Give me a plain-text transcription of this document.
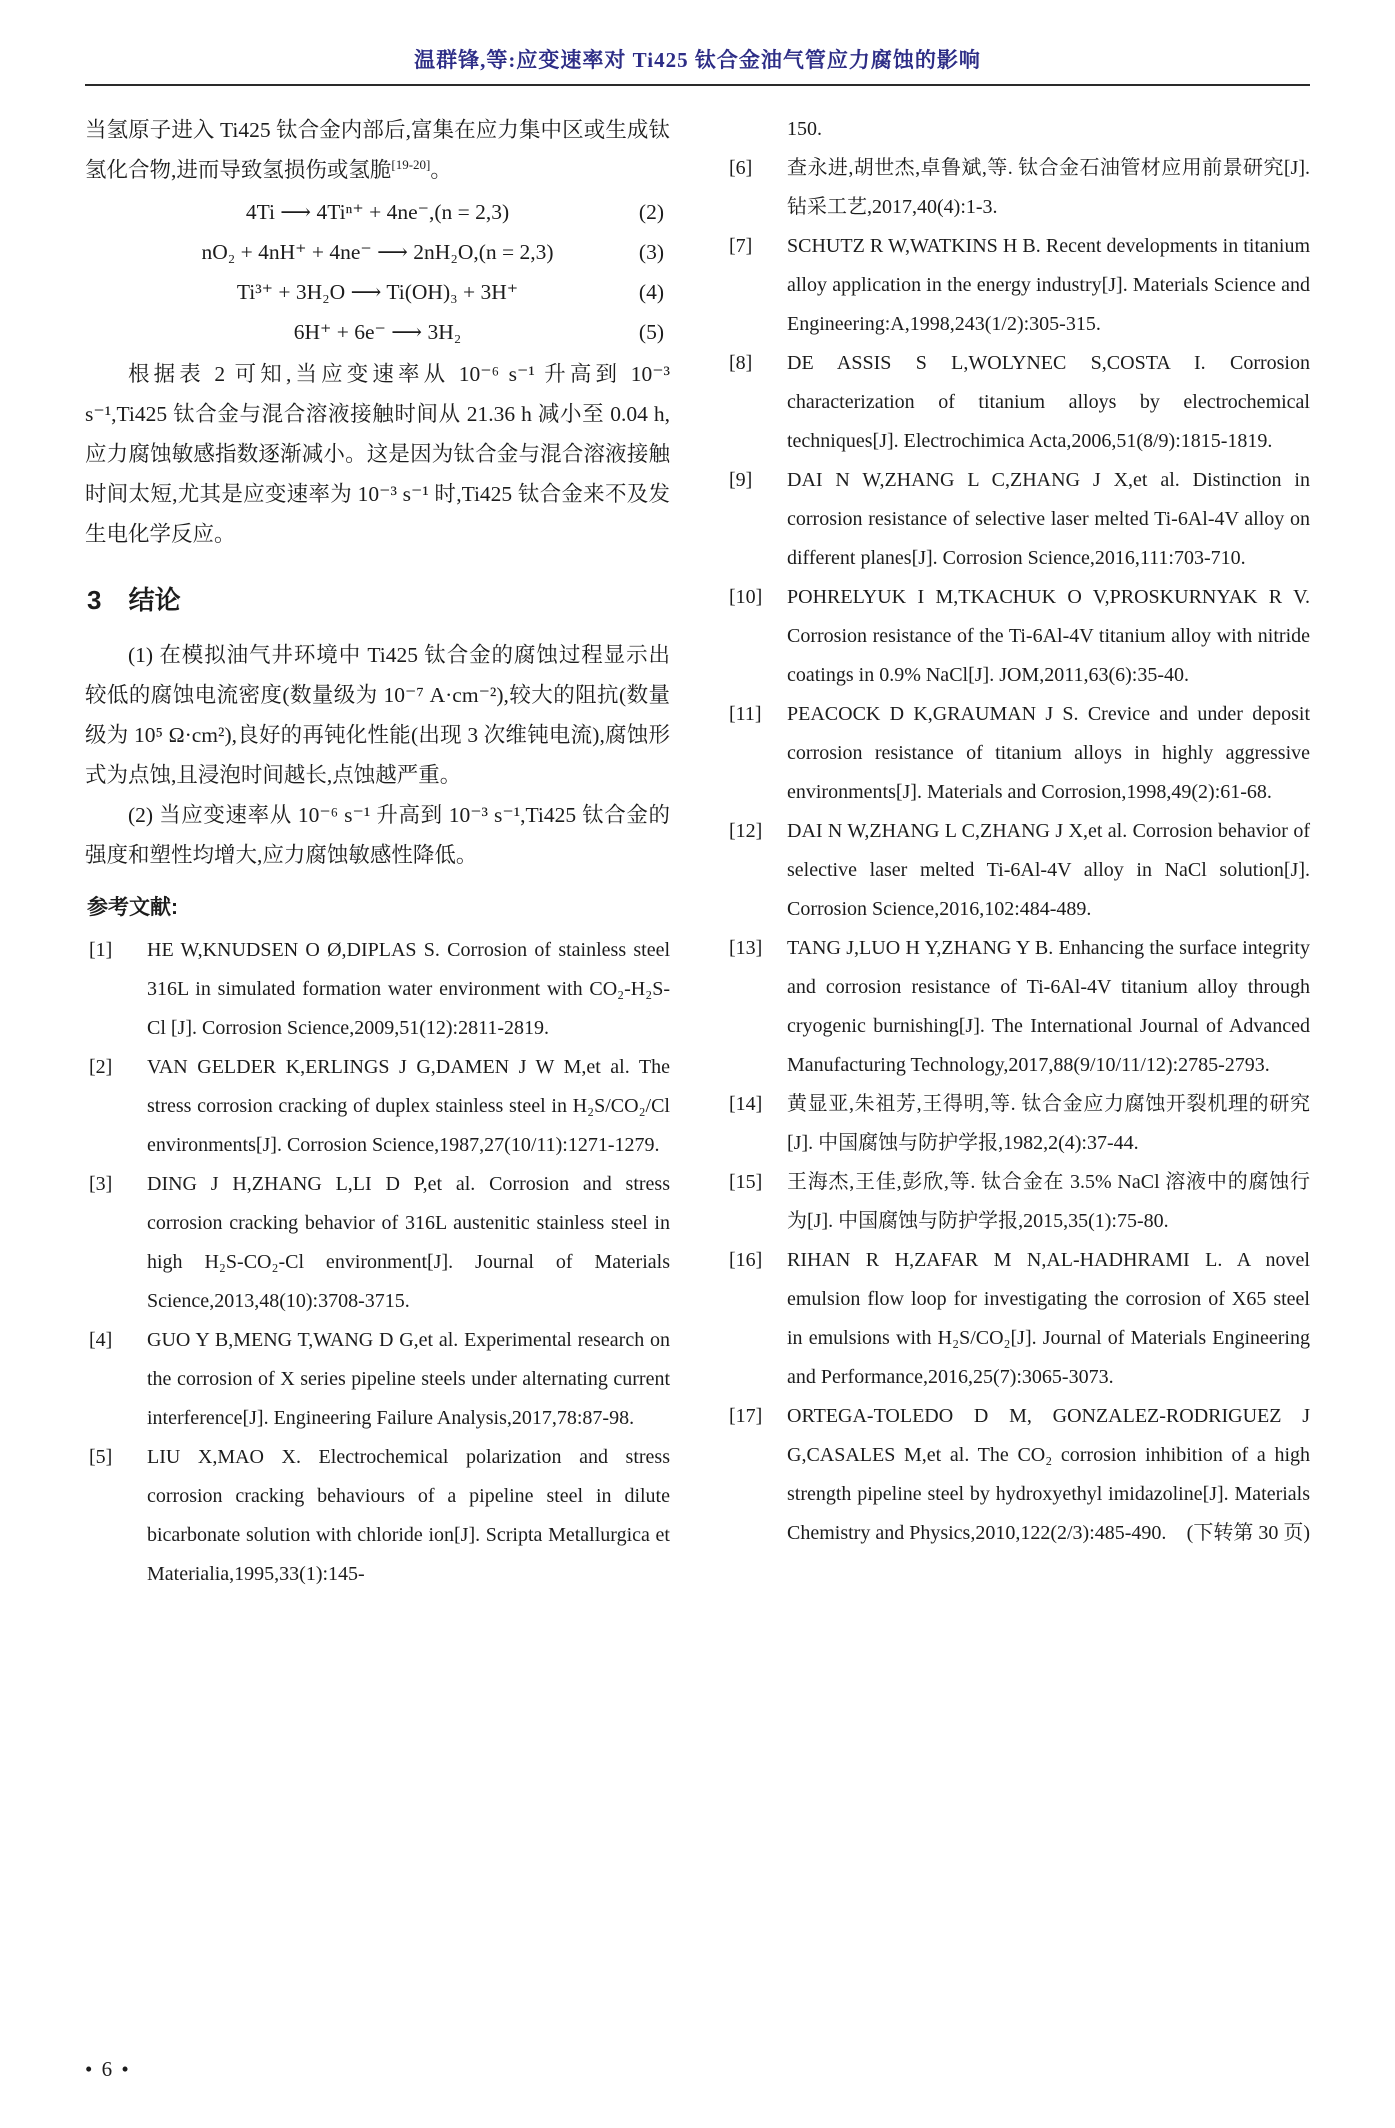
温群锋,等:应变速率对 Ti425 钛合金油气管应力腐蚀的影响

当氢原子进入 Ti425 钛合金内部后,富集在应力集中区或生成钛氢化合物,进而导致氢损伤或氢脆[19-20]。

4Ti ⟶ 4Tiⁿ⁺ + 4ne⁻,(n = 2,3)	(2)
nO₂ + 4nH⁺ + 4ne⁻ ⟶ 2nH₂O,(n = 2,3)	(3)
Ti³⁺ + 3H₂O ⟶ Ti(OH)₃ + 3H⁺	(4)
6H⁺ + 6e⁻ ⟶ 3H₂	(5)

根据表 2 可知,当应变速率从 10⁻⁶ s⁻¹ 升高到 10⁻³ s⁻¹,Ti425 钛合金与混合溶液接触时间从 21.36 h 减小至 0.04 h,应力腐蚀敏感指数逐渐减小。这是因为钛合金与混合溶液接触时间太短,尤其是应变速率为 10⁻³ s⁻¹ 时,Ti425 钛合金来不及发生电化学反应。

3 结论

(1) 在模拟油气井环境中 Ti425 钛合金的腐蚀过程显示出较低的腐蚀电流密度(数量级为 10⁻⁷ A·cm⁻²),较大的阻抗(数量级为 10⁵ Ω·cm²),良好的再钝化性能(出现 3 次维钝电流),腐蚀形式为点蚀,且浸泡时间越长,点蚀越严重。

(2) 当应变速率从 10⁻⁶ s⁻¹ 升高到 10⁻³ s⁻¹,Ti425 钛合金的强度和塑性均增大,应力腐蚀敏感性降低。

参考文献:
[1]	HE W,KNUDSEN O Ø,DIPLAS S. Corrosion of stainless steel 316L in simulated formation water environment with CO₂-H₂S-Cl [J]. Corrosion Science,2009,51(12):2811-2819.

[2]	VAN GELDER K,ERLINGS J G,DAMEN J W M,et al. The stress corrosion cracking of duplex stainless steel in H₂S/CO₂/Cl environments[J]. Corrosion Science,1987,27(10/11):1271-1279.

[3]	DING J H,ZHANG L,LI D P,et al. Corrosion and stress corrosion cracking behavior of 316L austenitic stainless steel in high H₂S-CO₂-Cl environment[J]. Journal of Materials Science,2013,48(10):3708-3715.

[4]	GUO Y B,MENG T,WANG D G,et al. Experimental research on the corrosion of X series pipeline steels under alternating current interference[J]. Engineering Failure Analysis,2017,78:87-98.

[5]	LIU X,MAO X. Electrochemical polarization and stress corrosion cracking behaviours of a pipeline steel in dilute bicarbonate solution with chloride ion[J]. Scripta Metallurgica et Materialia,1995,33(1):145-

150.

[6]	查永进,胡世杰,卓鲁斌,等. 钛合金石油管材应用前景研究[J]. 钻采工艺,2017,40(4):1-3.

[7]	SCHUTZ R W,WATKINS H B. Recent developments in titanium alloy application in the energy industry[J]. Materials Science and Engineering:A,1998,243(1/2):305-315.

[8]	DE ASSIS S L,WOLYNEC S,COSTA I. Corrosion characterization of titanium alloys by electrochemical techniques[J]. Electrochimica Acta,2006,51(8/9):1815-1819.

[9]	DAI N W,ZHANG L C,ZHANG J X,et al. Distinction in corrosion resistance of selective laser melted Ti-6Al-4V alloy on different planes[J]. Corrosion Science,2016,111:703-710.

[10]	POHRELYUK I M,TKACHUK O V,PROSKURNYAK R V. Corrosion resistance of the Ti-6Al-4V titanium alloy with nitride coatings in 0.9% NaCl[J]. JOM,2011,63(6):35-40.

[11]	PEACOCK D K,GRAUMAN J S. Crevice and under deposit corrosion resistance of titanium alloys in highly aggressive environments[J]. Materials and Corrosion,1998,49(2):61-68.

[12]	DAI N W,ZHANG L C,ZHANG J X,et al. Corrosion behavior of selective laser melted Ti-6Al-4V alloy in NaCl solution[J]. Corrosion Science,2016,102:484-489.

[13]	TANG J,LUO H Y,ZHANG Y B. Enhancing the surface integrity and corrosion resistance of Ti-6Al-4V titanium alloy through cryogenic burnishing[J]. The International Journal of Advanced Manufacturing Technology,2017,88(9/10/11/12):2785-2793.

[14]	黄显亚,朱祖芳,王得明,等. 钛合金应力腐蚀开裂机理的研究[J]. 中国腐蚀与防护学报,1982,2(4):37-44.

[15]	王海杰,王佳,彭欣,等. 钛合金在 3.5% NaCl 溶液中的腐蚀行为[J]. 中国腐蚀与防护学报,2015,35(1):75-80.

[16]	RIHAN R H,ZAFAR M N,AL-HADHRAMI L. A novel emulsion flow loop for investigating the corrosion of X65 steel in emulsions with H₂S/CO₂[J]. Journal of Materials Engineering and Performance,2016,25(7):3065-3073.

[17]	ORTEGA-TOLEDO D M, GONZALEZ-RODRIGUEZ J G,CASALES M,et al. The CO₂ corrosion inhibition of a high strength pipeline steel by hydroxyethyl imidazoline[J]. Materials Chemistry and Physics,2010,122(2/3):485-490.	(下转第 30 页)
• 6 •
